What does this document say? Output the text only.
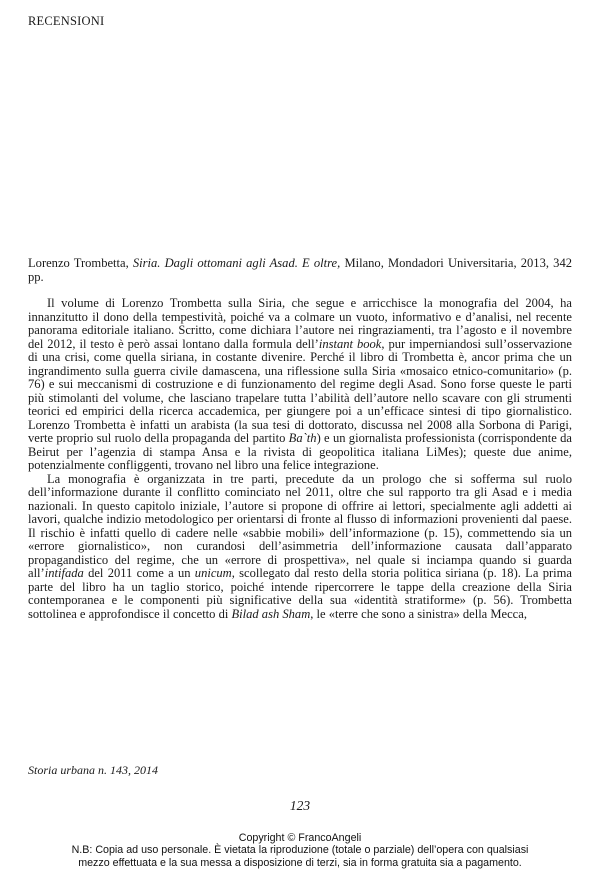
RECENSIONI
Lorenzo Trombetta, Siria. Dagli ottomani agli Asad. E oltre, Milano, Mondadori Universitaria, 2013, 342 pp.

Il volume di Lorenzo Trombetta sulla Siria, che segue e arricchisce la monografia del 2004, ha innanzitutto il dono della tempestività, poiché va a colmare un vuoto, informativo e d’analisi, nel recente panorama editoriale italiano. Scritto, come dichiara l’autore nei ringraziamenti, tra l’agosto e il novembre del 2012, il testo è però assai lontano dalla formula dell’instant book, pur imperniandosi sull’osservazione di una crisi, come quella siriana, in costante divenire. Perché il libro di Trombetta è, ancor prima che un ingrandimento sulla guerra civile damascena, una riflessione sulla Siria «mosaico etnico-comunitario» (p. 76) e sui meccanismi di costruzione e di funzionamento del regime degli Asad. Sono forse queste le parti più stimolanti del volume, che lasciano trapelare tutta l’abilità dell’autore nello scavare con gli strumenti teorici ed empirici della ricerca accademica, per giungere poi a un’efficace sintesi di tipo giornalistico. Lorenzo Trombetta è infatti un arabista (la sua tesi di dottorato, discussa nel 2008 alla Sorbona di Parigi, verte proprio sul ruolo della propaganda del partito Ba`th) e un giornalista professionista (corrispondente da Beirut per l’agenzia di stampa Ansa e la rivista di geopolitica italiana LiMes); queste due anime, potenzialmente confliggenti, trovano nel libro una felice integrazione.

La monografia è organizzata in tre parti, precedute da un prologo che si sofferma sul ruolo dell’informazione durante il conflitto cominciato nel 2011, oltre che sul rapporto tra gli Asad e i media nazionali. In questo capitolo iniziale, l’autore si propone di offrire ai lettori, specialmente agli addetti ai lavori, qualche indizio metodologico per orientarsi di fronte al flusso di informazioni provenienti dal paese. Il rischio è infatti quello di cadere nelle «sabbie mobili» dell’informazione (p. 15), commettendo sia un «errore giornalistico», non curandosi dell’asimmetria dell’informazione causata dall’apparato propagandistico del regime, che un «errore di prospettiva», nel quale si inciampa quando si guarda all’intifada del 2011 come a un unicum, scollegato dal resto della storia politica siriana (p. 18). La prima parte del libro ha un taglio storico, poiché intende ripercorrere le tappe della creazione della Siria contemporanea e le componenti più significative della sua «identità stratiforme» (p. 56). Trombetta sottolinea e approfondisce il concetto di Bilad ash Sham, le «terre che sono a sinistra» della Mecca,

Storia urbana n. 143, 2014
123
Copyright © FrancoAngeli
N.B: Copia ad uso personale. È vietata la riproduzione (totale o parziale) dell’opera con qualsiasi
mezzo effettuata e la sua messa a disposizione di terzi, sia in forma gratuita sia a pagamento.
